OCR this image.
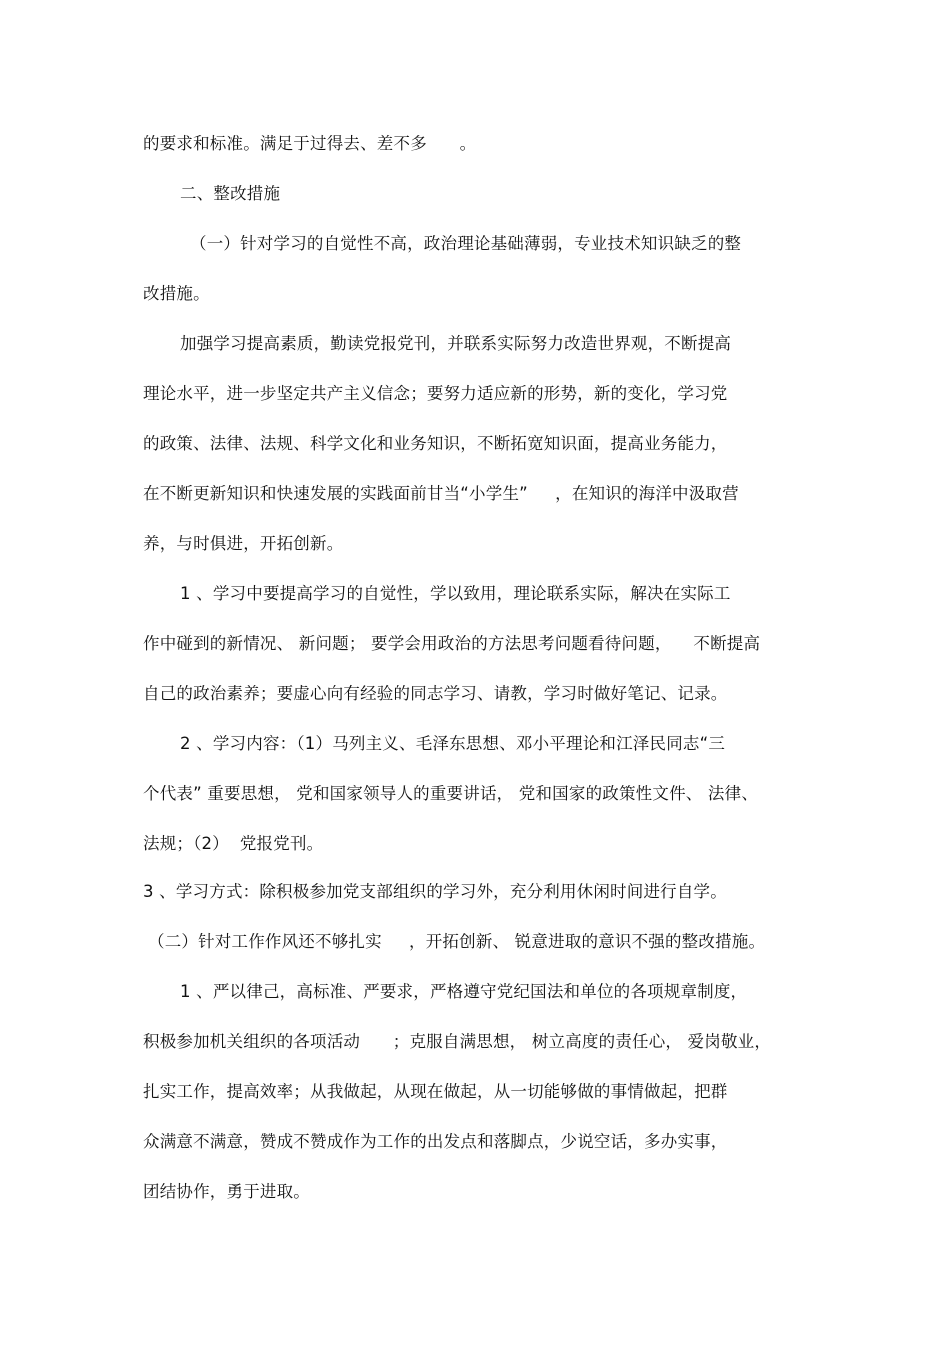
的要求和标准。满足于过得去、差不多      。
二、整改措施
（一）针对学习的自觉性不高，政治理论基础薄弱，专业技术知识缺乏的整
改措施。
加强学习提高素质，勤读党报党刊，并联系实际努力改造世界观，不断提高
理论水平，进一步坚定共产主义信念；要努力适应新的形势，新的变化，学习党
的政策、法律、法规、科学文化和业务知识，不断拓宽知识面，提高业务能力，
在不断更新知识和快速发展的实践面前甘当“小学生”     ，在知识的海洋中汲取营
养，与时俱进，开拓创新。
1 、学习中要提高学习的自觉性，学以致用，理论联系实际，解决在实际工
作中碰到的新情况、 新问题； 要学会用政治的方法思考问题看待问题，    不断提高
自己的政治素养；要虚心向有经验的同志学习、请教，学习时做好笔记、记录。
2 、学习内容：（1）马列主义、毛泽东思想、邓小平理论和江泽民同志“三
个代表” 重要思想， 党和国家领导人的重要讲话， 党和国家的政策性文件、 法律、
法规；（2）  党报党刊。
3 、学习方式：除积极参加党支部组织的学习外，充分利用休闲时间进行自学。
（二）针对工作作风还不够扎实     ，开拓创新、 锐意进取的意识不强的整改措施。
1 、严以律己，高标准、严要求，严格遵守党纪国法和单位的各项规章制度，
积极参加机关组织的各项活动      ；克服自满思想， 树立高度的责任心， 爱岗敬业，
扎实工作，提高效率；从我做起，从现在做起，从一切能够做的事情做起，把群
众满意不满意，赞成不赞成作为工作的出发点和落脚点，少说空话，多办实事，
团结协作，勇于进取。
